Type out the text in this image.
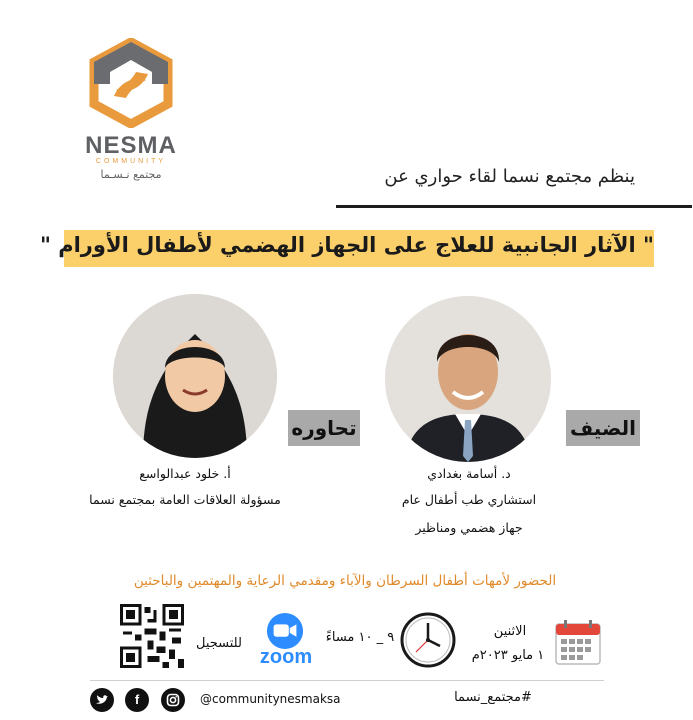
NESMA
COMMUNITY
مجتمع نـسـما	ينظم مجتمع نسما لقاء حواري عن
" الآثار الجانبية للعلاج على الجهاز الهضمي لأطفال الأورام "
تحاوره
أ. خلود عبدالواسع
مسؤولة العلاقات العامة بمجتمع نسما
الضيف
د. أسامة بغدادي
استشاري طب أطفال عام
جهاز هضمي ومناظير
الحضور لأمهات أطفال السرطان والآباء ومقدمي الرعاية والمهتمين والباحثين
للتسجيل
zoom
٩ _ ١٠ مساءً	الاثنين
١ مايو ٢٠٢٣م
f	@communitynesmaksa	#مجتمع_نسما
